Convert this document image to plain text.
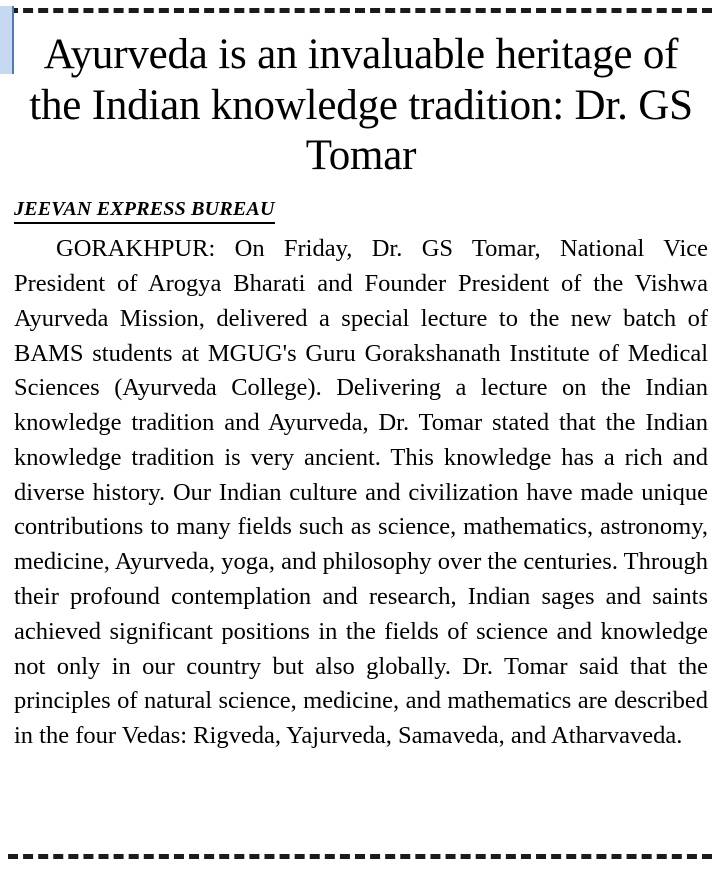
Ayurveda is an invaluable heritage of the Indian knowledge tradition: Dr. GS Tomar
JEEVAN EXPRESS BUREAU

GORAKHPUR: On Friday, Dr. GS Tomar, National Vice President of Arogya Bharati and Founder President of the Vishwa Ayurveda Mission, delivered a special lecture to the new batch of BAMS students at MGUG's Guru Gorakshanath Institute of Medical Sciences (Ayurveda College). Delivering a lecture on the Indian knowledge tradition and Ayurveda, Dr. Tomar stated that the Indian knowledge tradition is very ancient. This knowledge has a rich and diverse history. Our Indian culture and civilization have made unique contributions to many fields such as science, mathematics, astronomy, medicine, Ayurveda, yoga, and philosophy over the centuries. Through their profound contemplation and research, Indian sages and saints achieved significant positions in the fields of science and knowledge not only in our country but also globally. Dr. Tomar said that the principles of natural science, medicine, and mathematics are described in the four Vedas: Rigveda, Yajurveda, Samaveda, and Atharvaveda.
